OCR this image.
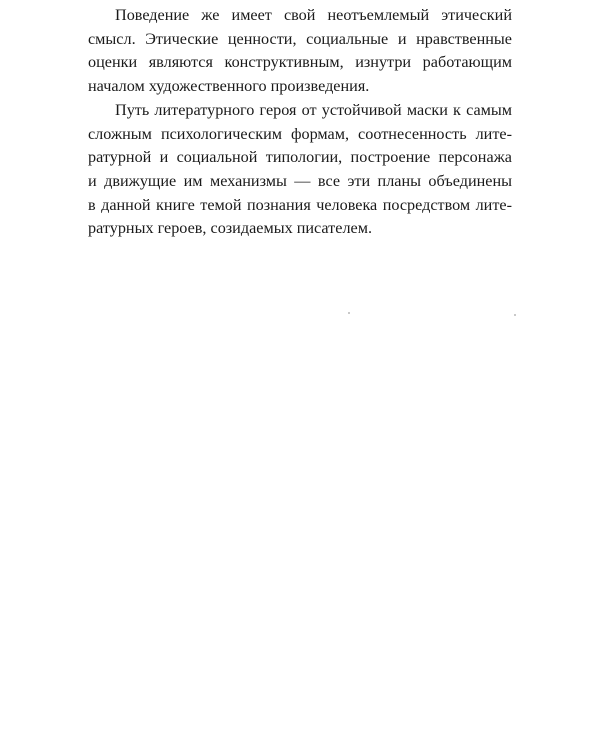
Поведение же имеет свой неотъемлемый этический
смысл. Этические ценности, социальные и нравственные
оценки являются конструктивным, изнутри работающим
началом художественного произведения.
Путь литературного героя от устойчивой маски к самым
сложным психологическим формам, соотнесенность лите-
ратурной и социальной типологии, построение персонажа
и движущие им механизмы — все эти планы объединены
в данной книге темой познания человека посредством лите-
ратурных героев, созидаемых писателем.
